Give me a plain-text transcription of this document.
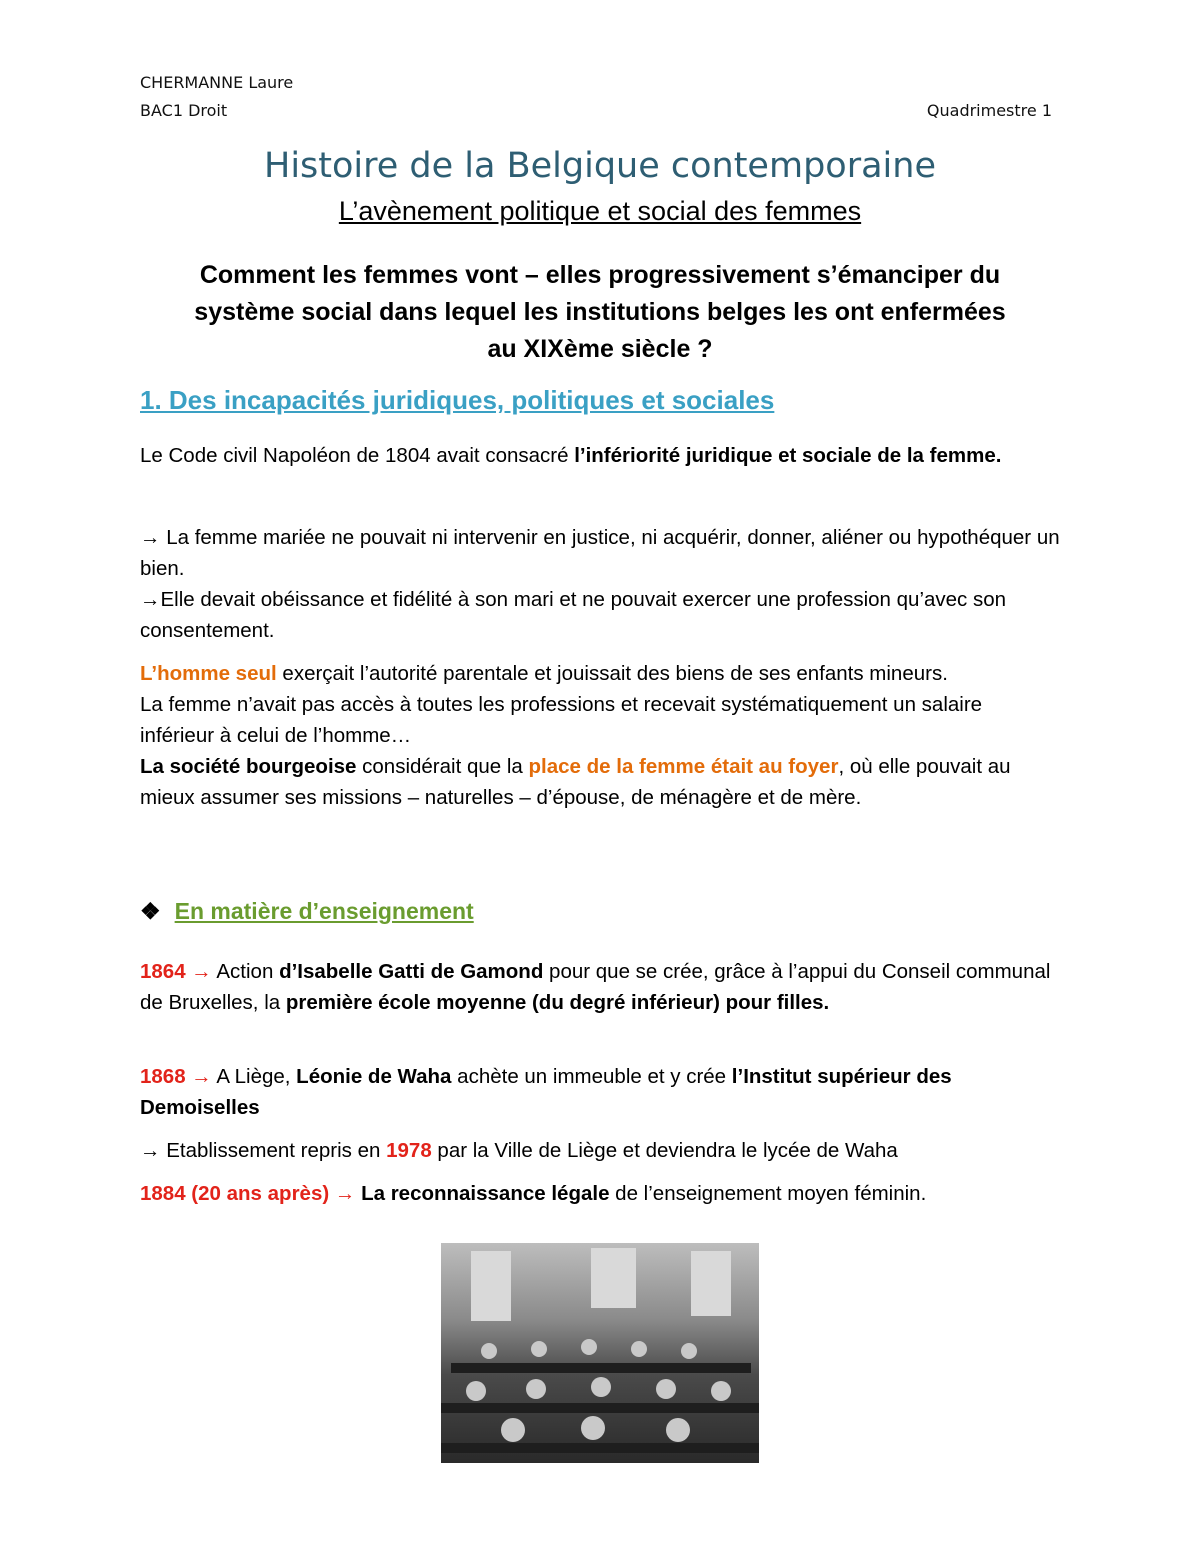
CHERMANNE Laure
BAC1 Droit	Quadrimestre 1
Histoire de la Belgique contemporaine
L’avènement politique et social des femmes
Comment les femmes vont – elles progressivement s’émanciper du
système social dans lequel les institutions belges les ont enfermées
au XIXème siècle ?
1. Des incapacités juridiques, politiques et sociales
Le Code civil Napoléon de 1804 avait consacré l’infériorité juridique et sociale de la femme.
→ La femme mariée ne pouvait ni intervenir en justice, ni acquérir, donner, aliéner ou hypothéquer un bien.
→Elle devait obéissance et fidélité à son mari et ne pouvait exercer une profession qu’avec son consentement.
L’homme seul exerçait l’autorité parentale et jouissait des biens de ses enfants mineurs.
La femme n’avait pas accès à toutes les professions et recevait systématiquement un salaire inférieur à celui de l’homme…
La société bourgeoise considérait que la place de la femme était au foyer, où elle pouvait au mieux assumer ses missions – naturelles – d’épouse, de ménagère et de mère.
❖ En matière d’enseignement
1864 → Action d’Isabelle Gatti de Gamond pour que se crée, grâce à l’appui du Conseil communal de Bruxelles, la première école moyenne (du degré inférieur) pour filles.
1868 → A Liège, Léonie de Waha achète un immeuble et y crée l’Institut supérieur des Demoiselles
→ Etablissement repris en 1978 par la Ville de Liège et deviendra le lycée de Waha
1884 (20 ans après) → La reconnaissance légale de l’enseignement moyen féminin.
